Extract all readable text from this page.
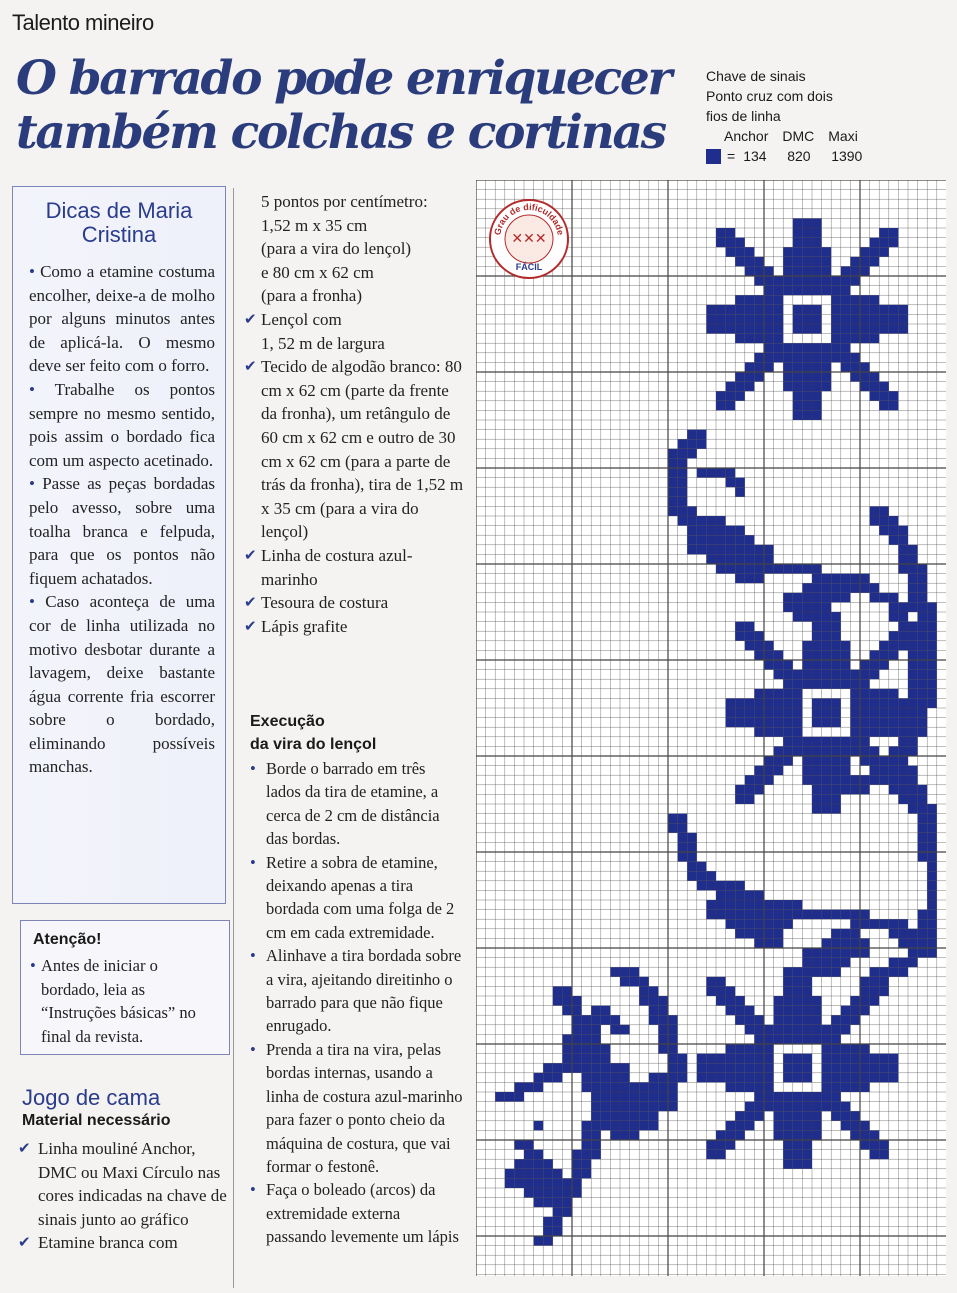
Talento mineiro
O barrado pode enriquecer
também colchas e cortinas
Chave de sinais
Ponto cruz com dois
fios de linha
Anchor DMC Maxi
= 134	820	1390
Dicas de Maria
Cristina

• Como a etamine costuma encolher, deixe-a de molho por alguns minutos antes de aplicá-la. O mesmo deve ser feito com o forro.

• Trabalhe os pontos sempre no mesmo sentido, pois assim o bordado fica com um aspecto acetinado.

• Passe as peças bordadas pelo avesso, sobre uma toalha branca e felpuda, para que os pontos não fiquem achatados.

• Caso aconteça de uma cor de linha utilizada no motivo desbotar durante a lavagem, deixe bastante água corrente fria escorrer sobre o bordado, eliminando possíveis manchas.

Atenção!
• Antes de iniciar o bordado, leia as “Instruções básicas” no final da revista.
Jogo de cama
Material necessário
✔ Linha mouliné Anchor, DMC ou Maxi Círculo nas cores indicadas na chave de sinais junto ao gráfico
✔ Etamine branca com
5 pontos por centímetro:
1,52 m x 35 cm
(para a vira do lençol)
e 80 cm x 62 cm
(para a fronha)
✔ Lençol com
1, 52 m de largura
✔ Tecido de algodão branco: 80 cm x 62 cm (parte da frente da fronha), um retângulo de 60 cm x 62 cm e outro de 30 cm x 62 cm (para a parte de trás da fronha), tira de 1,52 m x 35 cm (para a vira do lençol)
✔ Linha de costura azul-marinho
✔ Tesoura de costura
✔ Lápis grafite
Execução
da vira do lençol

• Borde o barrado em três lados da tira de etamine, a cerca de 2 cm de distância das bordas.

• Retire a sobra de etamine, deixando apenas a tira bordada com uma folga de 2 cm em cada extremidade.

• Alinhave a tira bordada sobre a vira, ajeitando direitinho o barrado para que não fique enrugado.

• Prenda a tira na vira, pelas bordas internas, usando a linha de costura azul-marinho para fazer o ponto cheio da máquina de costura, que vai formar o festonê.

• Faça o boleado (arcos) da extremidade externa passando levemente um lápis

Grau de dificuldade
✕✕✕
FÁCIL
